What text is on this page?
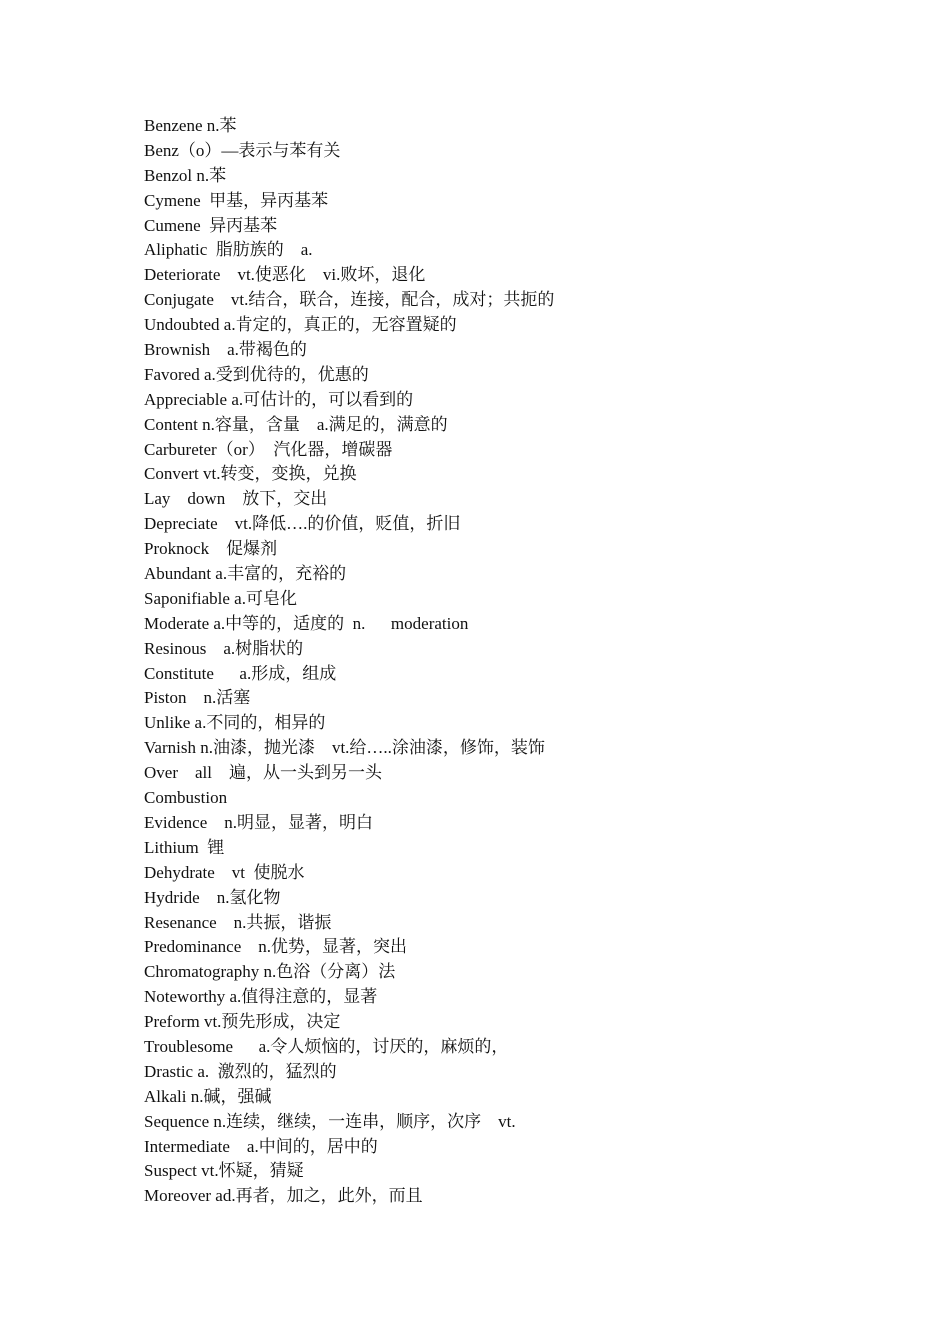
Benzene n.苯
Benz（o）—表示与苯有关
Benzol n.苯
Cymene  甲基，异丙基苯
Cumene  异丙基苯
Aliphatic  脂肪族的    a.
Deteriorate    vt.使恶化    vi.败坏，退化
Conjugate    vt.结合，联合，连接，配合，成对；共扼的
Undoubted a.肯定的，真正的，无容置疑的
Brownish    a.带褐色的
Favored a.受到优待的，优惠的
Appreciable a.可估计的，可以看到的
Content n.容量，含量    a.满足的，满意的
Carbureter（or）  汽化器，增碳器
Convert vt.转变，变换，兑换
Lay    down    放下，交出
Depreciate    vt.降低….的价值，贬值，折旧
Proknock    促爆剂
Abundant a.丰富的，充裕的
Saponifiable a.可皂化
Moderate a.中等的，适度的  n.      moderation
Resinous    a.树脂状的
Constitute      a.形成，组成
Piston    n.活塞
Unlike a.不同的，相异的
Varnish n.油漆，抛光漆    vt.给…..涂油漆，修饰，装饰
Over    all    遍，从一头到另一头
Combustion
Evidence    n.明显，显著，明白
Lithium  锂
Dehydrate    vt  使脱水
Hydride    n.氢化物
Resenance    n.共振，谐振
Predominance    n.优势，显著，突出
Chromatography n.色浴（分离）法
Noteworthy a.值得注意的，显著
Preform vt.预先形成，决定
Troublesome      a.令人烦恼的，讨厌的，麻烦的，
Drastic a.  激烈的，猛烈的
Alkali n.碱，强碱
Sequence n.连续，继续，一连串，顺序，次序    vt.
Intermediate    a.中间的，居中的
Suspect vt.怀疑，猜疑
Moreover ad.再者，加之，此外，而且
